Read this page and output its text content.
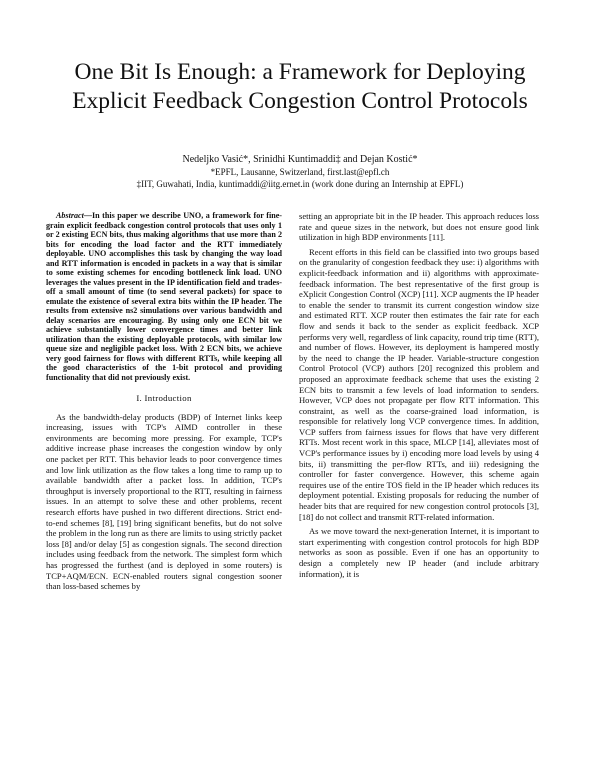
One Bit Is Enough: a Framework for Deploying Explicit Feedback Congestion Control Protocols
Nedeljko Vasić*, Srinidhi Kuntimaddi‡ and Dejan Kostić*
*EPFL, Lausanne, Switzerland, first.last@epfl.ch
‡IIT, Guwahati, India, kuntimaddi@iitg.ernet.in (work done during an Internship at EPFL)

Abstract—In this paper we describe UNO, a framework for fine-grain explicit feedback congestion control protocols that uses only 1 or 2 existing ECN bits, thus making algorithms that use more than 2 bits for encoding the load factor and the RTT immediately deployable. UNO accomplishes this task by changing the way load and RTT information is encoded in packets in a way that is similar to some existing schemes for encoding bottleneck link load. UNO leverages the values present in the IP identification field and trades-off a small amount of time (to send several packets) for space to emulate the existence of several extra bits within the IP header. The results from extensive ns2 simulations over various bandwidth and delay scenarios are encouraging. By using only one ECN bit we achieve substantially lower convergence times and better link utilization than the existing deployable protocols, with similar low queue size and negligible packet loss. With 2 ECN bits, we achieve very good fairness for flows with different RTTs, while keeping all the good characteristics of the 1-bit protocol and providing functionality that did not previously exist.

I. Introduction

As the bandwidth-delay products (BDP) of Internet links keep increasing, issues with TCP's AIMD controller in these environments are becoming more pressing. For example, TCP's additive increase phase increases the congestion window by only one packet per RTT. This behavior leads to poor convergence times and low link utilization as the flow takes a long time to ramp up to available bandwidth after a packet loss. In addition, TCP's throughput is inversely proportional to the RTT, resulting in fairness issues. In an attempt to solve these and other problems, recent research efforts have pushed in two different directions. Strict end-to-end schemes [8], [19] bring significant benefits, but do not solve the problem in the long run as there are limits to using strictly packet loss [8] and/or delay [5] as congestion signals. The second direction includes using feedback from the network. The simplest form which has progressed the furthest (and is deployed in some routers) is TCP+AQM/ECN. ECN-enabled routers signal congestion sooner than loss-based schemes by

setting an appropriate bit in the IP header. This approach reduces loss rate and queue sizes in the network, but does not ensure good link utilization in high BDP environments [11].

Recent efforts in this field can be classified into two groups based on the granularity of congestion feedback they use: i) algorithms with explicit-feedback information and ii) algorithms with approximate-feedback information. The best representative of the first group is eXplicit Congestion Control (XCP) [11]. XCP augments the IP header to enable the sender to transmit its current congestion window size and estimated RTT. XCP router then estimates the fair rate for each flow and sends it back to the sender as explicit feedback. XCP performs very well, regardless of link capacity, round trip time (RTT), and number of flows. However, its deployment is hampered mostly by the need to change the IP header. Variable-structure congestion Control Protocol (VCP) authors [20] recognized this problem and proposed an approximate feedback scheme that uses the existing 2 ECN bits to transmit a few levels of load information to senders. However, VCP does not propagate per flow RTT information. This constraint, as well as the coarse-grained load information, is responsible for relatively long VCP convergence times. In addition, VCP suffers from fairness issues for flows that have very different RTTs. Most recent work in this space, MLCP [14], alleviates most of VCP's performance issues by i) encoding more load levels by using 4 bits, ii) transmitting the per-flow RTTs, and iii) redesigning the controller for faster convergence. However, this scheme again requires use of the entire TOS field in the IP header which reduces its deployment potential. Existing proposals for reducing the number of header bits that are required for new congestion control protocols [3], [18] do not collect and transmit RTT-related information.

As we move toward the next-generation Internet, it is important to start experimenting with congestion control protocols for high BDP networks as soon as possible. Even if one has an opportunity to design a completely new IP header (and include arbitrary information), it is
